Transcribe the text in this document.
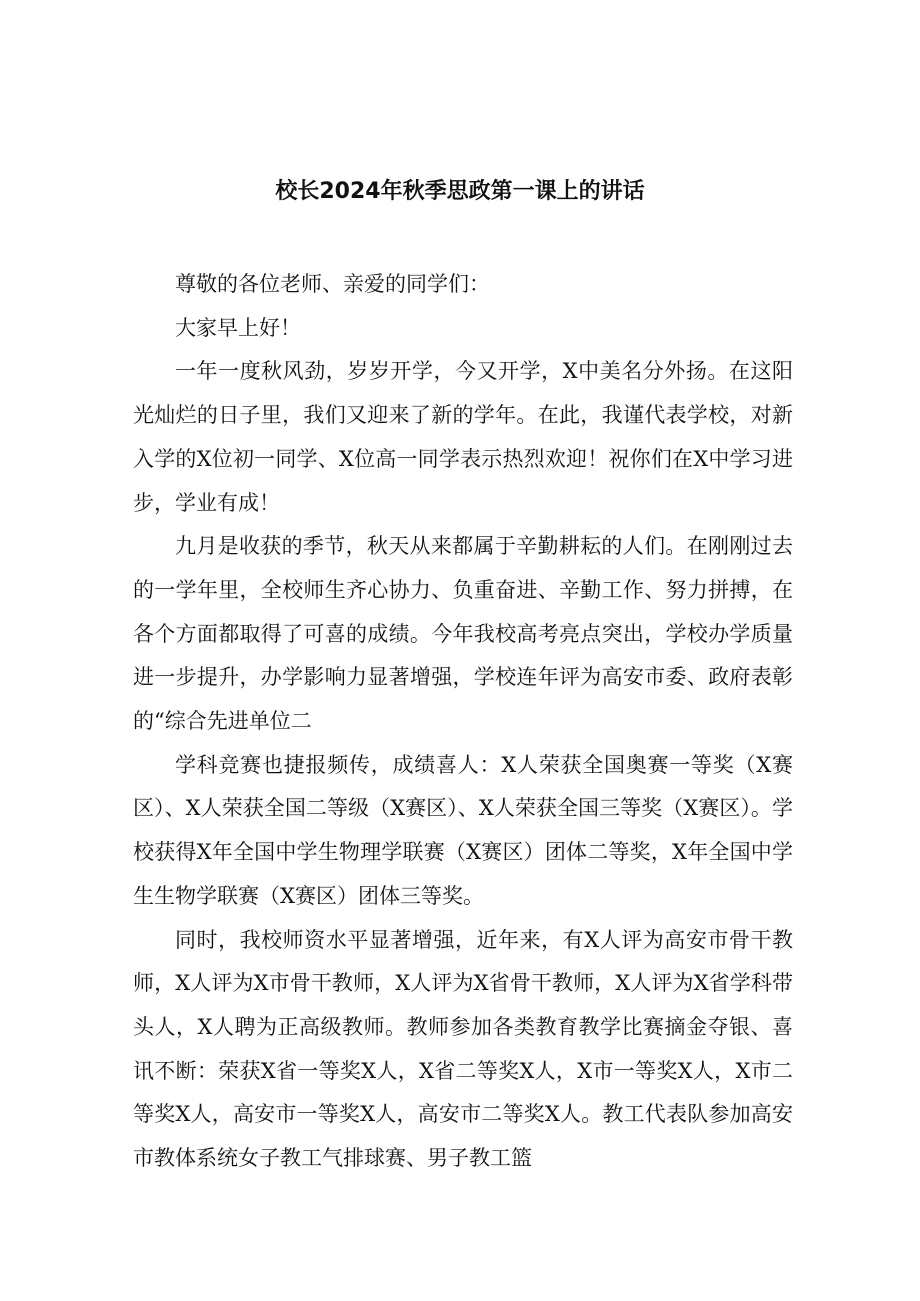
校长2024年秋季思政第一课上的讲话

尊敬的各位老师、亲爱的同学们：

大家早上好！

一年一度秋风劲，岁岁开学，今又开学，X中美名分外扬。在这阳光灿烂的日子里，我们又迎来了新的学年。在此，我谨代表学校，对新入学的X位初一同学、X位高一同学表示热烈欢迎！祝你们在X中学习进步，学业有成！

九月是收获的季节，秋天从来都属于辛勤耕耘的人们。在刚刚过去的一学年里，全校师生齐心协力、负重奋进、辛勤工作、努力拼搏，在各个方面都取得了可喜的成绩。今年我校高考亮点突出，学校办学质量进一步提升，办学影响力显著增强，学校连年评为高安市委、政府表彰的“综合先进单位二

学科竞赛也捷报频传，成绩喜人：X人荣获全国奥赛一等奖（X赛区）、X人荣获全国二等级（X赛区）、X人荣获全国三等奖（X赛区）。学校获得X年全国中学生物理学联赛（X赛区）团体二等奖，X年全国中学生生物学联赛（X赛区）团体三等奖。

同时，我校师资水平显著增强，近年来，有X人评为高安市骨干教师，X人评为X市骨干教师，X人评为X省骨干教师，X人评为X省学科带头人，X人聘为正高级教师。教师参加各类教育教学比赛摘金夺银、喜讯不断：荣获X省一等奖X人，X省二等奖X人，X市一等奖X人，X市二等奖X人，高安市一等奖X人，高安市二等奖X人。教工代表队参加高安市教体系统女子教工气排球赛、男子教工篮
